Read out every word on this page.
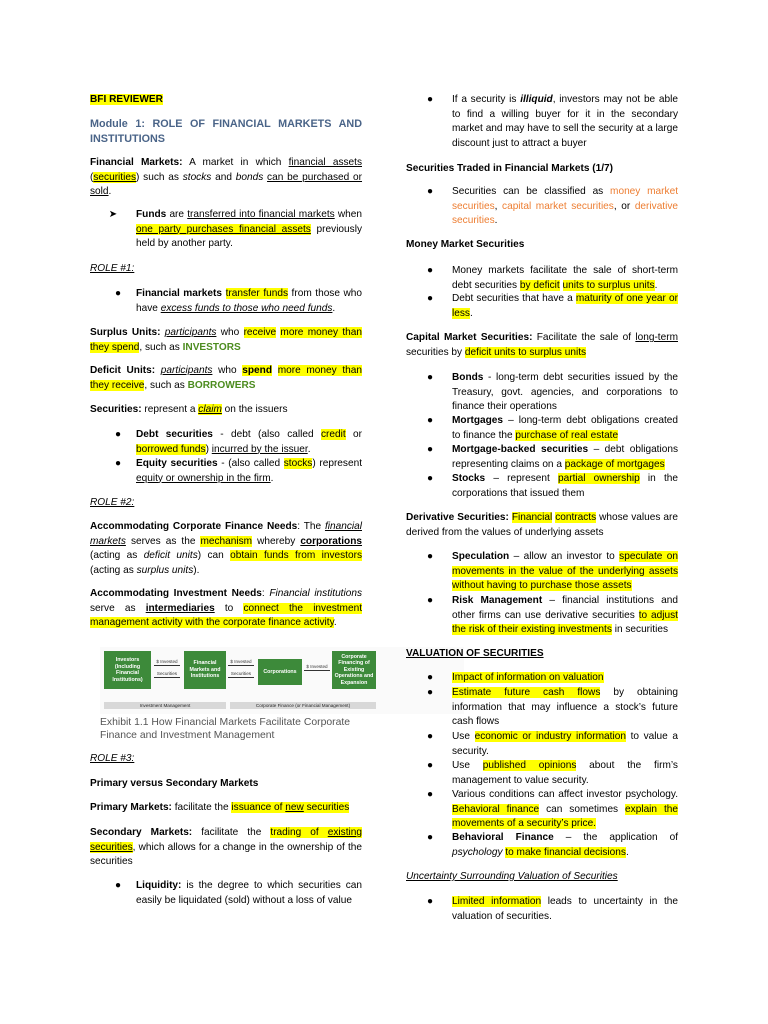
BFI REVIEWER
Module 1: ROLE OF FINANCIAL MARKETS AND INSTITUTIONS
Financial Markets: A market in which financial assets (securities) such as stocks and bonds can be purchased or sold.
➤ Funds are transferred into financial markets when one party purchases financial assets previously held by another party.
ROLE #1:
● Financial markets transfer funds from those who have excess funds to those who need funds.
Surplus Units: participants who receive more money than they spend, such as INVESTORS
Deficit Units: participants who spend more money than they receive, such as BORROWERS
Securities: represent a claim on the issuers
● Debt securities - debt (also called credit or borrowed funds) incurred by the issuer.
● Equity securities - (also called stocks) represent equity or ownership in the firm.
ROLE #2:
Accommodating Corporate Finance Needs: The financial markets serves as the mechanism whereby corporations (acting as deficit units) can obtain funds from investors (acting as surplus units).
Accommodating Investment Needs: Financial institutions serve as intermediaries to connect the investment management activity with the corporate finance activity.
Investors (Including Financial Institutions)
$ Invested
Securities
Financial Markets and Institutions
$ Invested
Securities	Corporations
$ Invested
Corporate Financing of Existing Operations and Expansion
Investment Management	Corporate Finance (or Financial Management)
Exhibit 1.1 How Financial Markets Facilitate Corporate Finance and Investment Management
ROLE #3:
Primary versus Secondary Markets
Primary Markets: facilitate the issuance of new securities
Secondary Markets: facilitate the trading of existing securities, which allows for a change in the ownership of the securities
● Liquidity: is the degree to which securities can easily be liquidated (sold) without a loss of value
● If a security is illiquid, investors may not be able to find a willing buyer for it in the secondary market and may have to sell the security at a large discount just to attract a buyer
Securities Traded in Financial Markets (1/7)
● Securities can be classified as money market securities, capital market securities, or derivative securities.
Money Market Securities
● Money markets facilitate the sale of short-term debt securities by deficit units to surplus units.
● Debt securities that have a maturity of one year or less.
Capital Market Securities: Facilitate the sale of long-term securities by deficit units to surplus units
● Bonds - long-term debt securities issued by the Treasury, govt. agencies, and corporations to finance their operations
● Mortgages – long-term debt obligations created to finance the purchase of real estate
● Mortgage-backed securities – debt obligations representing claims on a package of mortgages
● Stocks – represent partial ownership in the corporations that issued them
Derivative Securities: Financial contracts whose values are derived from the values of underlying assets
● Speculation – allow an investor to speculate on movements in the value of the underlying assets without having to purchase those assets
● Risk Management – financial institutions and other firms can use derivative securities to adjust the risk of their existing investments in securities
VALUATION OF SECURITIES
● Impact of information on valuation
● Estimate future cash flows by obtaining information that may influence a stock’s future cash flows
● Use economic or industry information to value a security.
● Use published opinions about the firm’s management to value security.
● Various conditions can affect investor psychology. Behavioral finance can sometimes explain the movements of a security’s price.
● Behavioral Finance – the application of psychology to make financial decisions.
Uncertainty Surrounding Valuation of Securities
● Limited information leads to uncertainty in the valuation of securities.
